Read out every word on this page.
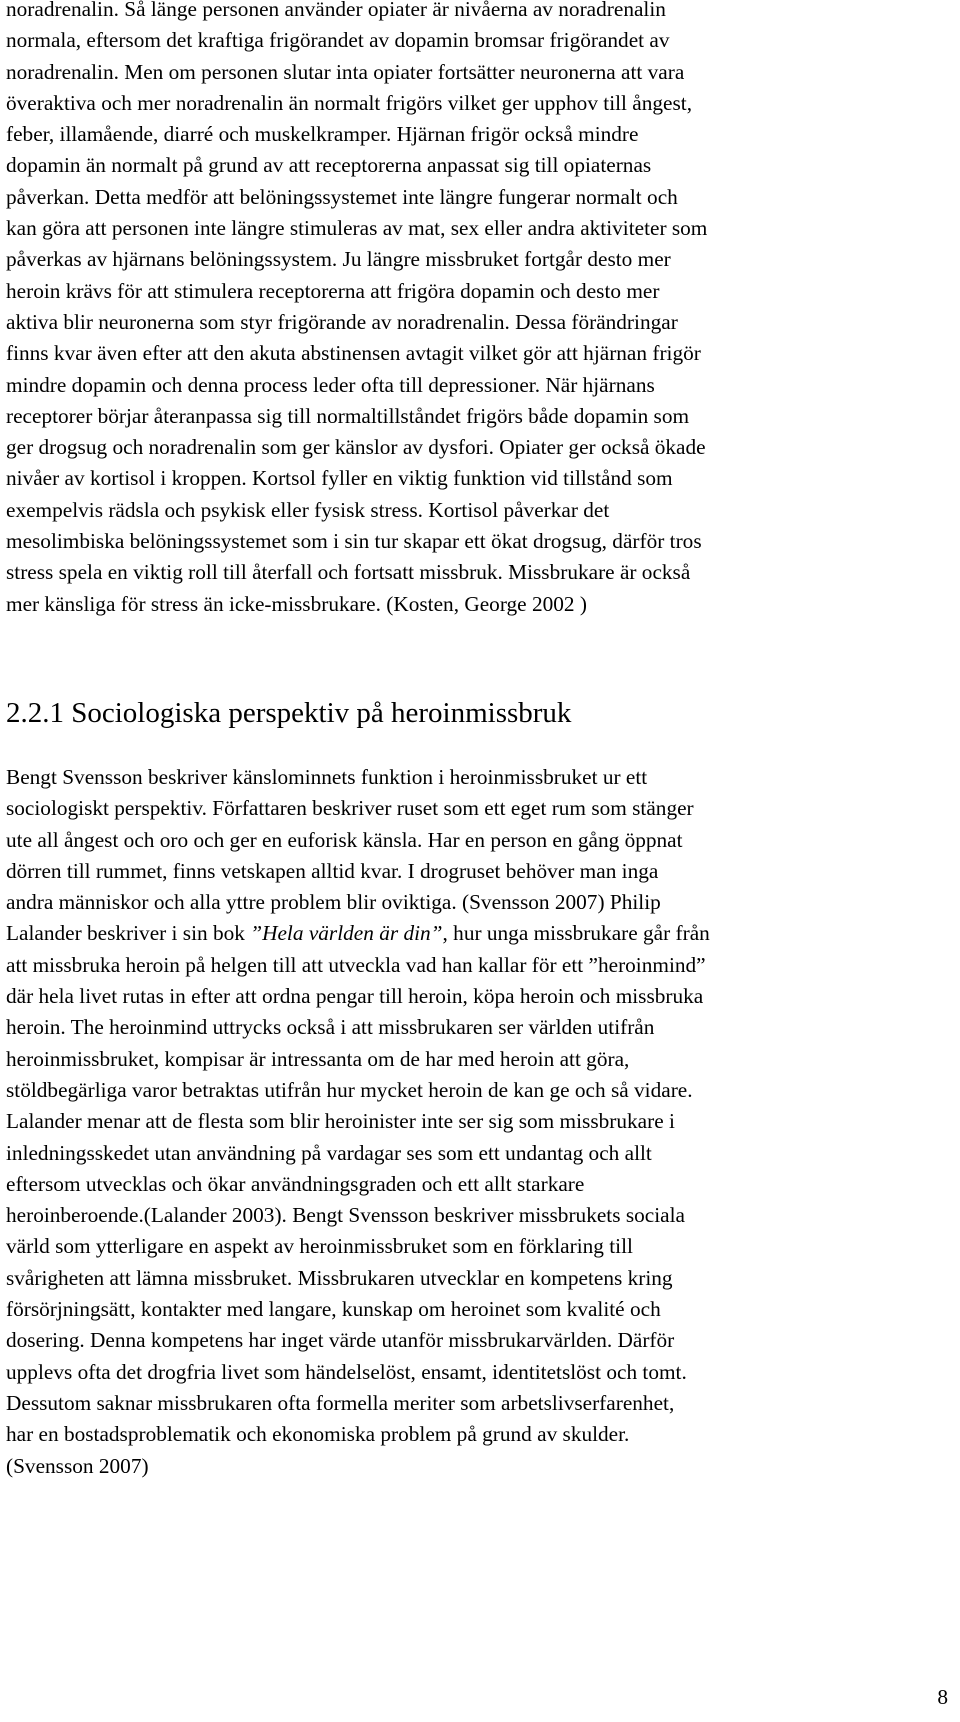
noradrenalin. Så länge personen använder opiater är nivåerna av noradrenalin
normala, eftersom det kraftiga frigörandet av dopamin bromsar frigörandet av
noradrenalin. Men om personen slutar inta opiater fortsätter neuronerna att vara
överaktiva och mer noradrenalin än normalt frigörs vilket ger upphov till ångest,
feber, illamående, diarré och muskelkramper. Hjärnan frigör också mindre
dopamin än normalt på grund av att receptorerna anpassat sig till opiaternas
påverkan. Detta medför att belöningssystemet inte längre fungerar normalt och
kan göra att personen inte längre stimuleras av mat, sex eller andra aktiviteter som
påverkas av hjärnans belöningssystem. Ju längre missbruket fortgår desto mer
heroin krävs för att stimulera receptorerna att frigöra dopamin och desto mer
aktiva blir neuronerna som styr frigörande av noradrenalin. Dessa förändringar
finns kvar även efter att den akuta abstinensen avtagit vilket gör att hjärnan frigör
mindre dopamin och denna process leder ofta till depressioner. När hjärnans
receptorer börjar återanpassa sig till normaltillståndet frigörs både dopamin som
ger drogsug och noradrenalin som ger känslor av dysfori. Opiater ger också ökade
nivåer av kortisol i kroppen. Kortsol fyller en viktig funktion vid tillstånd som
exempelvis rädsla och psykisk eller fysisk stress. Kortisol påverkar det
mesolimbiska belöningssystemet som i sin tur skapar ett ökat drogsug, därför tros
stress spela en viktig roll till återfall och fortsatt missbruk. Missbrukare är också
mer känsliga för stress än icke-missbrukare. (Kosten, George 2002 )

2.2.1 Sociologiska perspektiv på heroinmissbruk

Bengt Svensson beskriver känslominnets funktion i heroinmissbruket ur ett
sociologiskt perspektiv. Författaren beskriver ruset som ett eget rum som stänger
ute all ångest och oro och ger en euforisk känsla. Har en person en gång öppnat
dörren till rummet, finns vetskapen alltid kvar. I drogruset behöver man inga
andra människor och alla yttre problem blir oviktiga. (Svensson 2007) Philip
Lalander beskriver i sin bok ”Hela världen är din”, hur unga missbrukare går från
att missbruka heroin på helgen till att utveckla vad han kallar för ett ”heroinmind”
där hela livet rutas in efter att ordna pengar till heroin, köpa heroin och missbruka
heroin. The heroinmind uttrycks också i att missbrukaren ser världen utifrån
heroinmissbruket, kompisar är intressanta om de har med heroin att göra,
stöldbegärliga varor betraktas utifrån hur mycket heroin de kan ge och så vidare.
Lalander menar att de flesta som blir heroinister inte ser sig som missbrukare i
inledningsskedet utan användning på vardagar ses som ett undantag och allt
eftersom utvecklas och ökar användningsgraden och ett allt starkare
heroinberoende.(Lalander 2003). Bengt Svensson beskriver missbrukets sociala
värld som ytterligare en aspekt av heroinmissbruket som en förklaring till
svårigheten att lämna missbruket. Missbrukaren utvecklar en kompetens kring
försörjningsätt, kontakter med langare, kunskap om heroinet som kvalité och
dosering. Denna kompetens har inget värde utanför missbrukarvärlden. Därför
upplevs ofta det drogfria livet som händelselöst, ensamt, identitetslöst och tomt.
Dessutom saknar missbrukaren ofta formella meriter som arbetslivserfarenhet,
har en bostadsproblematik och ekonomiska problem på grund av skulder.
(Svensson 2007)

8
